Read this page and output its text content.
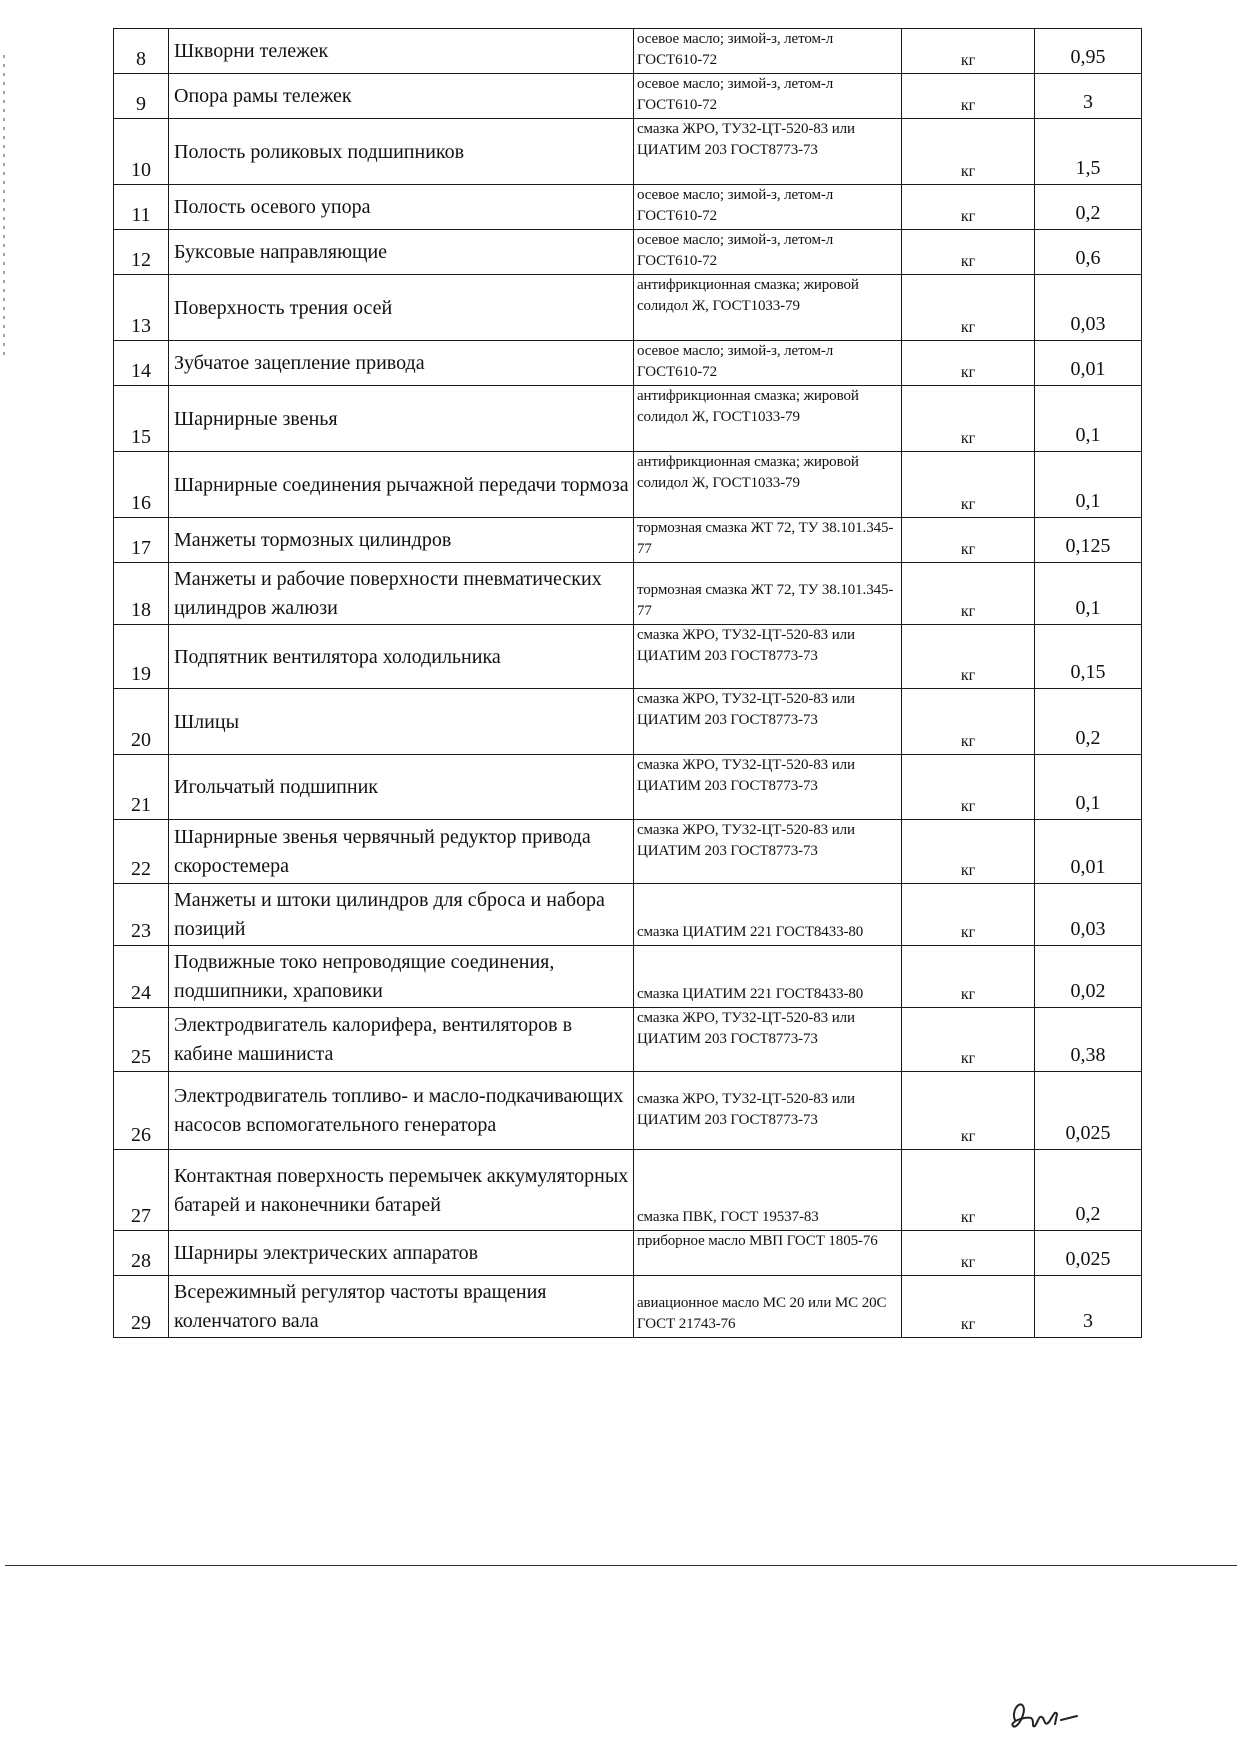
8	Шкворни тележек	осевое масло; зимой-з, летом-л ГОСТ610-72	кг	0,95
9	Опора рамы тележек	осевое масло; зимой-з, летом-л ГОСТ610-72	кг	3
10	Полость роликовых подшипников	смазка ЖРО, ТУ32-ЦТ-520-83 или ЦИАТИМ 203 ГОСТ8773-73	кг	1,5
11	Полость осевого упора	осевое масло; зимой-з, летом-л ГОСТ610-72	кг	0,2
12	Буксовые направляющие	осевое масло; зимой-з, летом-л ГОСТ610-72	кг	0,6
13	Поверхность трения осей	антифрикционная смазка; жировой солидол Ж, ГОСТ1033-79	кг	0,03
14	Зубчатое зацепление привода	осевое масло; зимой-з, летом-л ГОСТ610-72	кг	0,01
15	Шарнирные звенья	антифрикционная смазка; жировой солидол Ж, ГОСТ1033-79	кг	0,1
16	Шарнирные соединения рычажной передачи тормоза	антифрикционная смазка; жировой солидол Ж, ГОСТ1033-79	кг	0,1
17	Манжеты тормозных цилиндров	тормозная смазка ЖТ 72, ТУ 38.101.345-77	кг	0,125
18	Манжеты и рабочие поверхности пневматических цилиндров жалюзи	тормозная смазка ЖТ 72, ТУ 38.101.345-77	кг	0,1
19	Подпятник вентилятора холодильника	смазка ЖРО, ТУ32-ЦТ-520-83 или ЦИАТИМ 203 ГОСТ8773-73	кг	0,15
20	Шлицы	смазка ЖРО, ТУ32-ЦТ-520-83 или ЦИАТИМ 203 ГОСТ8773-73	кг	0,2
21	Игольчатый подшипник	смазка ЖРО, ТУ32-ЦТ-520-83 или ЦИАТИМ 203 ГОСТ8773-73	кг	0,1
22	Шарнирные звенья червячный редуктор привода скоростемера	смазка ЖРО, ТУ32-ЦТ-520-83 или ЦИАТИМ 203 ГОСТ8773-73	кг	0,01
23	Манжеты и штоки цилиндров для сброса и набора позиций	смазка ЦИАТИМ 221 ГОСТ8433-80	кг	0,03
24	Подвижные токо непроводящие соединения, подшипники, храповики	смазка ЦИАТИМ 221 ГОСТ8433-80	кг	0,02
25	Электродвигатель калорифера, вентиляторов в кабине машиниста	смазка ЖРО, ТУ32-ЦТ-520-83 или ЦИАТИМ 203 ГОСТ8773-73	кг	0,38
26	Электродвигатель топливо- и масло-подкачивающих насосов вспомогательного генератора	смазка ЖРО, ТУ32-ЦТ-520-83 или ЦИАТИМ 203 ГОСТ8773-73	кг	0,025
27	Контактная поверхность перемычек аккумуляторных батарей и наконечники батарей	смазка ПВК, ГОСТ 19537-83	кг	0,2
28	Шарниры электрических аппаратов	приборное масло МВП ГОСТ 1805-76	кг	0,025
29	Всережимный регулятор частоты вращения коленчатого вала	авиационное масло МС 20 или МС 20С ГОСТ 21743-76	кг	3
